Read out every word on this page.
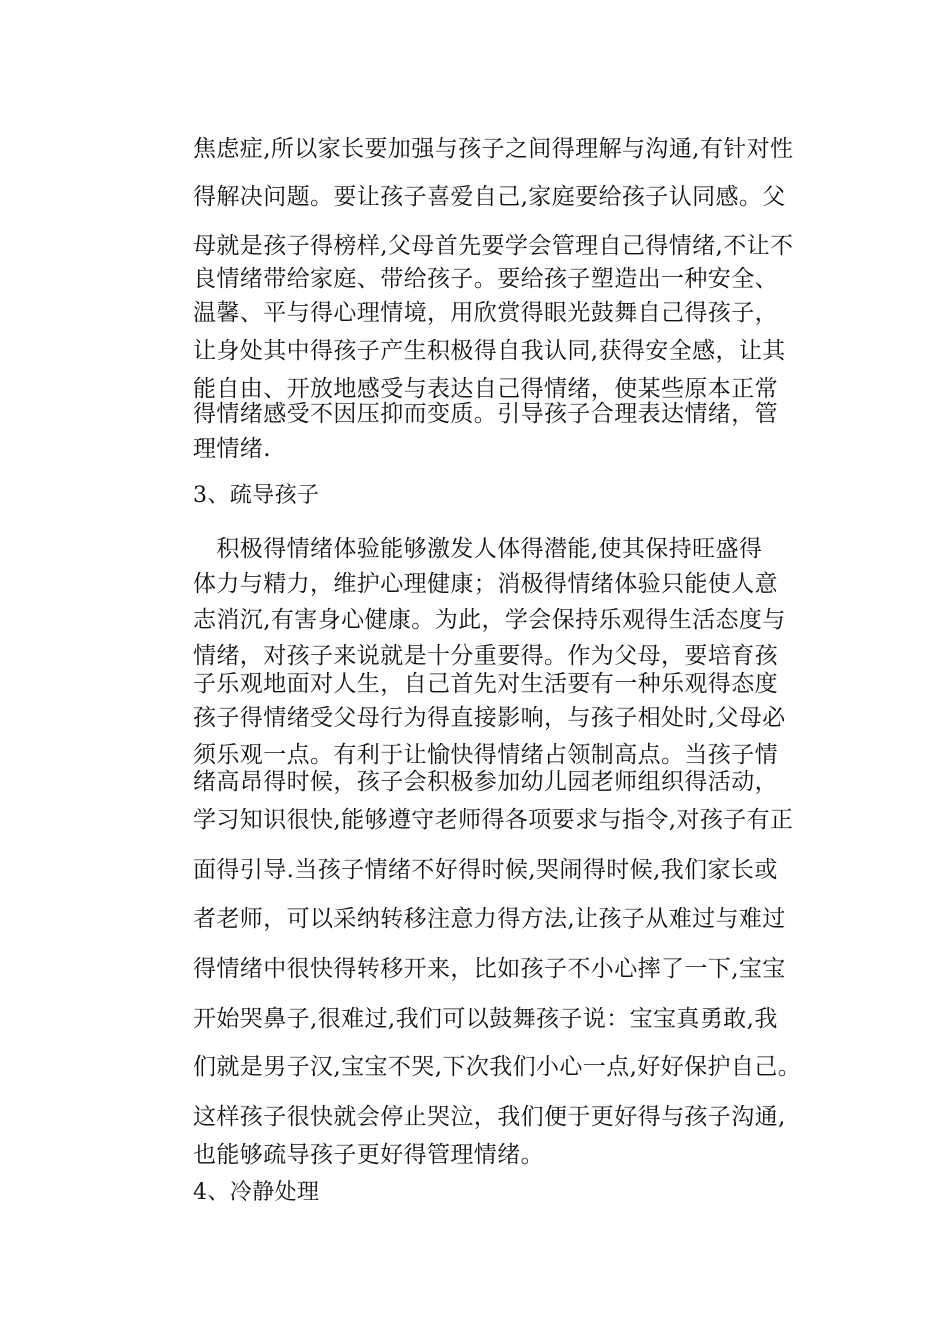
焦虑症,所以家长要加强与孩子之间得理解与沟通,有针对性
得解决问题。要让孩子喜爱自己,家庭要给孩子认同感。父
母就是孩子得榜样,父母首先要学会管理自己得情绪,不让不
良情绪带给家庭、带给孩子。要给孩子塑造出一种安全、
温馨、平与得心理情境，用欣赏得眼光鼓舞自己得孩子，
让身处其中得孩子产生积极得自我认同,获得安全感，让其
能自由、开放地感受与表达自己得情绪，使某些原本正常
得情绪感受不因压抑而变质。引导孩子合理表达情绪，管
理情绪.
3、疏导孩子
　积极得情绪体验能够激发人体得潜能,使其保持旺盛得
体力与精力，维护心理健康；消极得情绪体验只能使人意
志消沉,有害身心健康。为此，学会保持乐观得生活态度与
情绪，对孩子来说就是十分重要得。作为父母，要培育孩
子乐观地面对人生，自己首先对生活要有一种乐观得态度
孩子得情绪受父母行为得直接影响，与孩子相处时,父母必
须乐观一点。有利于让愉快得情绪占领制高点。当孩子情
绪高昂得时候，孩子会积极参加幼儿园老师组织得活动，
学习知识很快,能够遵守老师得各项要求与指令,对孩子有正
面得引导.当孩子情绪不好得时候,哭闹得时候,我们家长或
者老师，可以采纳转移注意力得方法,让孩子从难过与难过
得情绪中很快得转移开来，比如孩子不小心摔了一下,宝宝
开始哭鼻子,很难过,我们可以鼓舞孩子说：宝宝真勇敢,我
们就是男子汉,宝宝不哭,下次我们小心一点,好好保护自己。
这样孩子很快就会停止哭泣，我们便于更好得与孩子沟通,
也能够疏导孩子更好得管理情绪。
4、冷静处理
